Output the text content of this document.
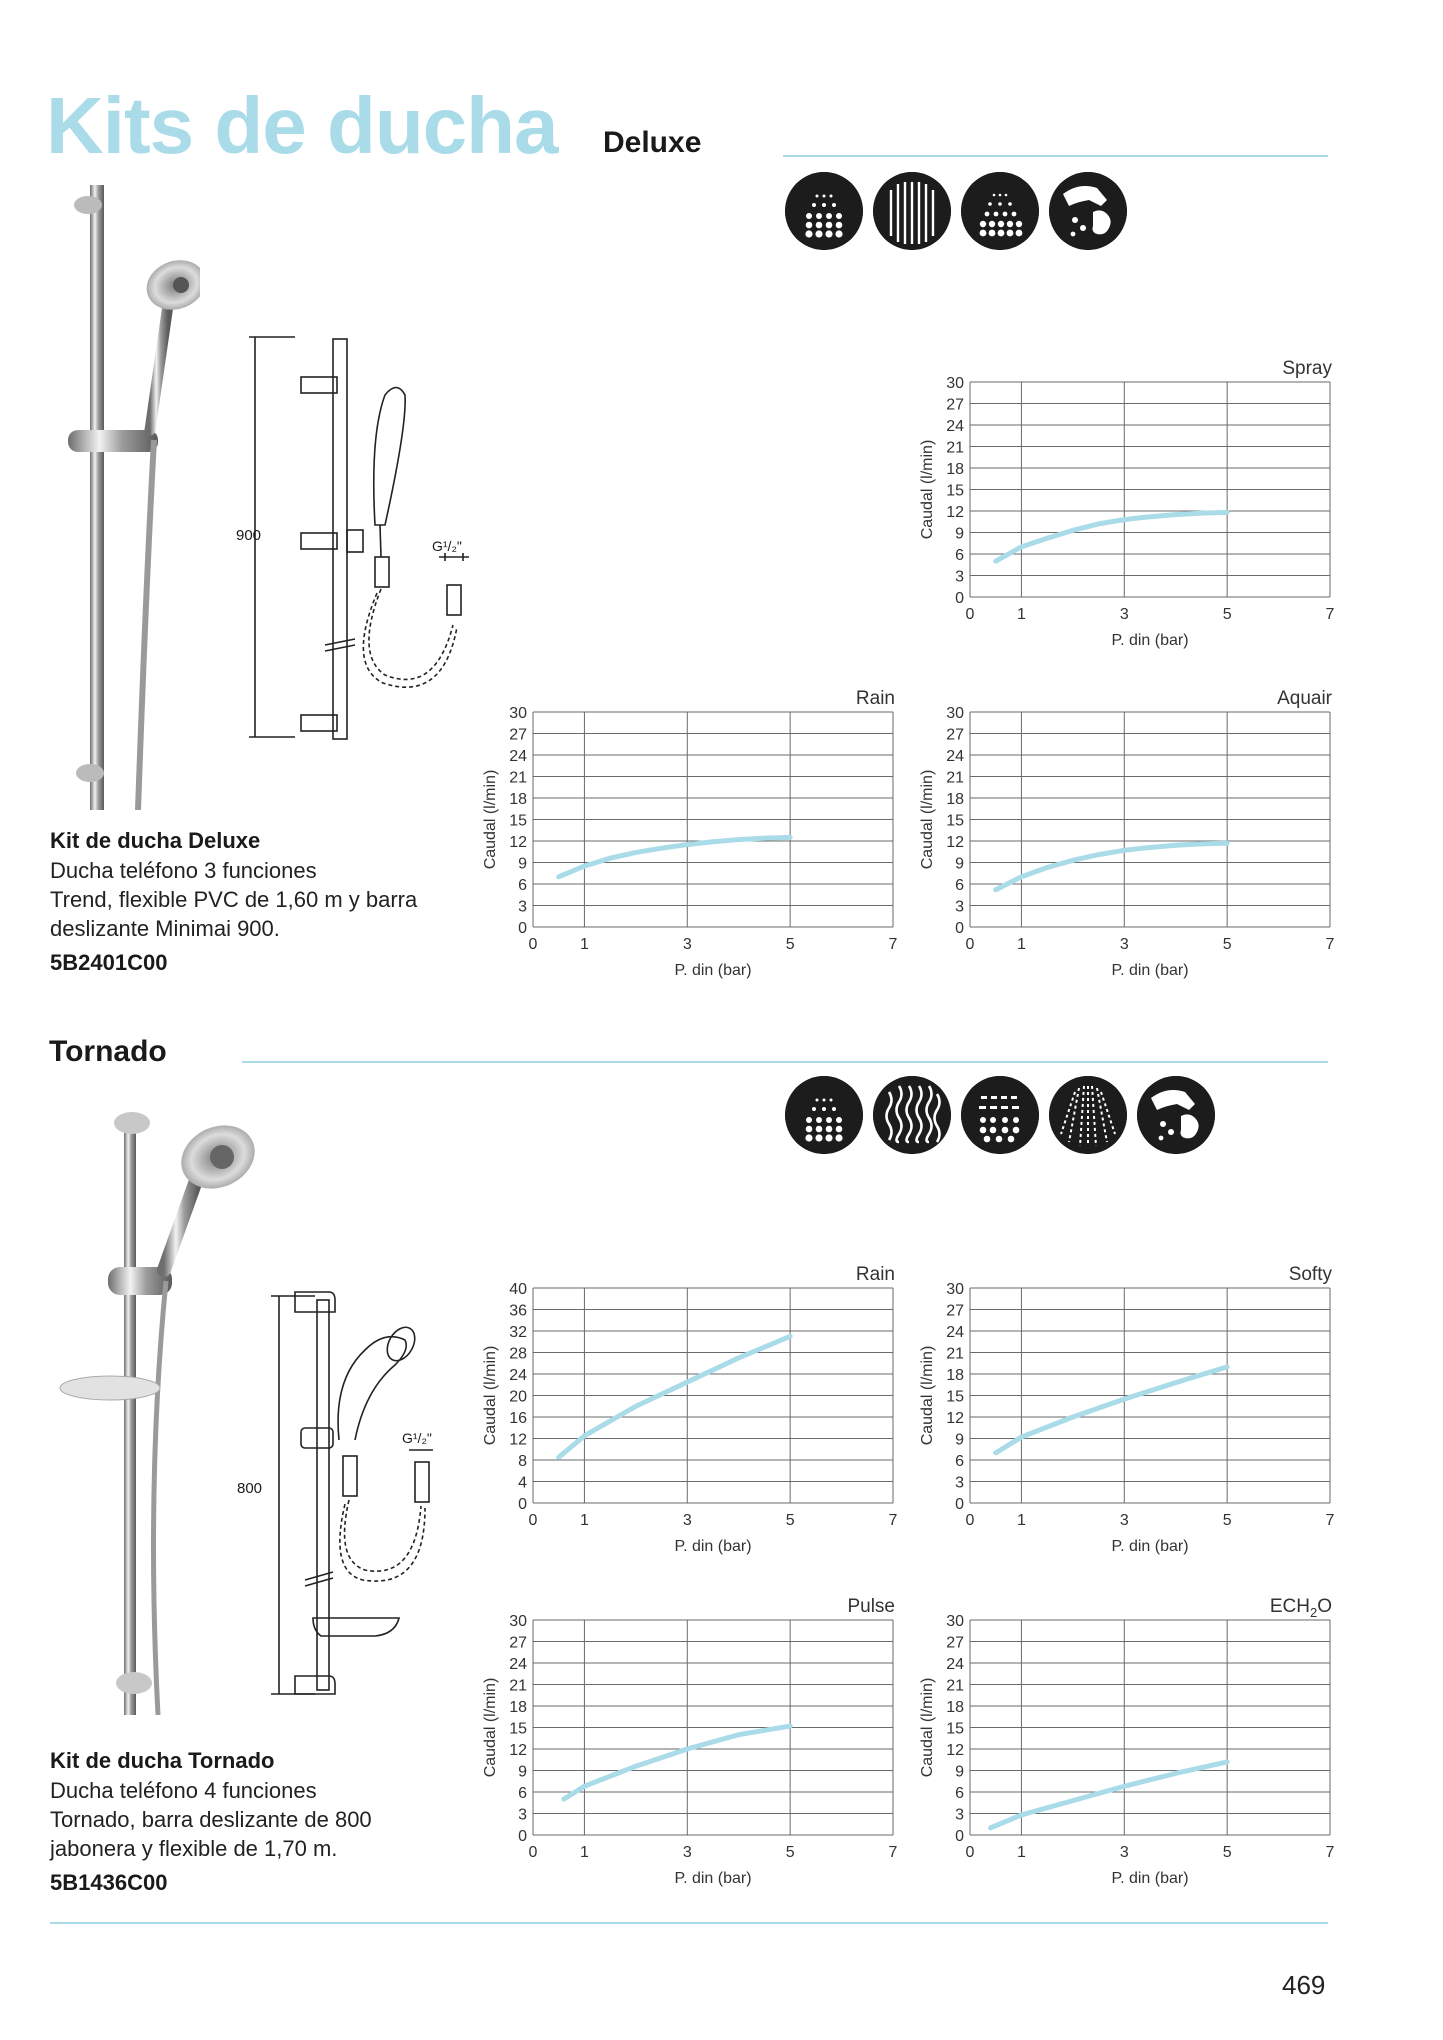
Kits de ducha Deluxe
900
G¹/₂"

Kit de ducha Deluxe

Ducha teléfono 3 funciones
Trend, flexible PVC de 1,60 m y barra
deslizante Minimai 900.

5B2401C00

Spray
0
3
6
9
12
15
18
21
24
27
30
0	1	3	5	7
P. din (bar)
Caudal (l/min)
Rain
0
3
6
9
12
15
18
21
24
27
30
0	1	3	5	7
P. din (bar)
Caudal (l/min)
Aquair
0
3
6
9
12
15
18
21
24
27
30
0	1	3	5	7
P. din (bar)
Caudal (l/min)
Tornado
800
G¹/₂"

Kit de ducha Tornado

Ducha teléfono 4 funciones
Tornado, barra deslizante de 800
jabonera y flexible de 1,70 m.

5B1436C00

Rain
0
4
8
12
16
20
24
28
32
36
40
0	1	3	5	7
P. din (bar)
Caudal (l/min)
Softy
0
3
6
9
12
15
18
21
24
27
30
0	1	3	5	7
P. din (bar)
Caudal (l/min)
Pulse
0
3
6
9
12
15
18
21
24
27
30
0	1	3	5	7
P. din (bar)
Caudal (l/min)
$ECH_2O$
0
3
6
9
12
15
18
21
24
27
30
0	1	3	5	7
P. din (bar)
Caudal (l/min)
469
